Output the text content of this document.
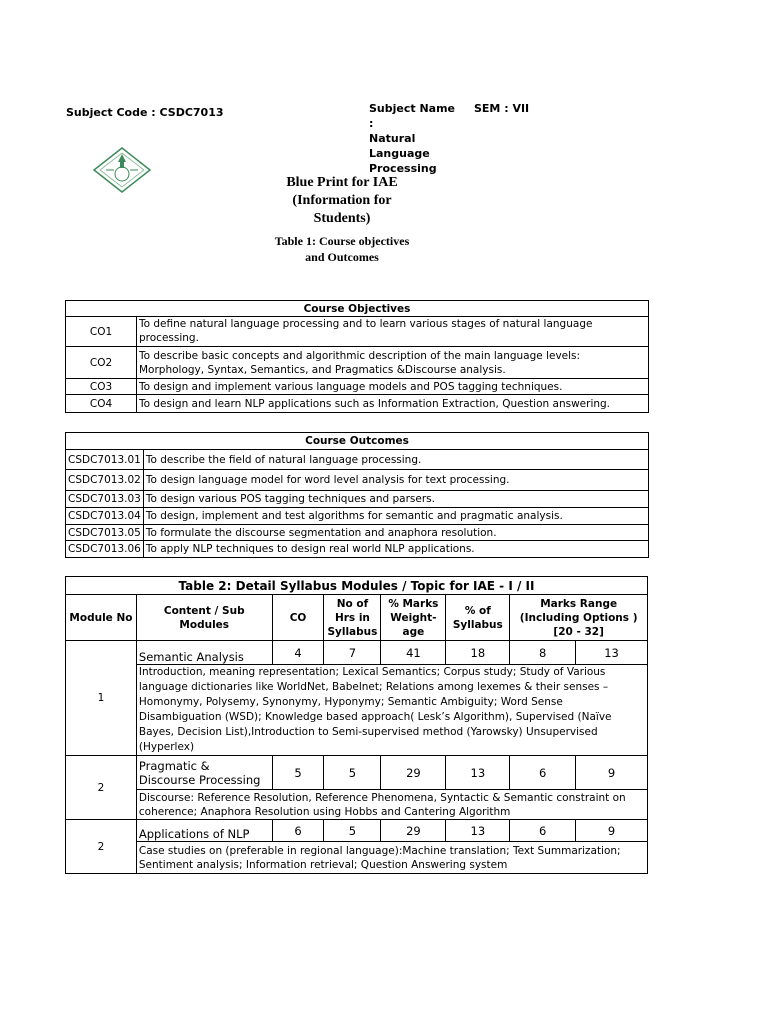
Subject Code : CSDC7013	Subject Name :
Natural
Language
Processing
SEM : VII
Blue Print for IAE
(Information for
Students)
Table 1: Course objectives
and Outcomes
Course Objectives	
CO1	To define natural language processing and to learn various stages of natural language processing.
CO2	To describe basic concepts and algorithmic description of the main language levels: Morphology, Syntax, Semantics, and Pragmatics &Discourse analysis.
CO3	To design and implement various language models and POS tagging techniques.
CO4	To design and learn NLP applications such as Information Extraction, Question answering.
Course Outcomes	
CSDC7013.01	To describe the field of natural language processing.
CSDC7013.02	To design language model for word level analysis for text processing.
CSDC7013.03	To design various POS tagging techniques and parsers.
CSDC7013.04	To design, implement and test algorithms for semantic and pragmatic analysis.
CSDC7013.05	To formulate the discourse segmentation and anaphora resolution.
CSDC7013.06	To apply NLP techniques to design real world NLP applications.
Table 2: Detail Syllabus Modules / Topic for IAE - I / II							
Module No	Content / Sub Modules	CO	No of Hrs in Syllabus	% Marks Weight-age	% of Syllabus	Marks Range (Including Options ) [20 - 32]	
1	Semantic Analysis	4	7	41	18	8	13
	Introduction, meaning representation; Lexical Semantics; Corpus study; Study of Various language dictionaries like WorldNet, Babelnet; Relations among lexemes & their senses –Homonymy, Polysemy, Synonymy, Hyponymy; Semantic Ambiguity; Word Sense Disambiguation (WSD); Knowledge based approach( Lesk’s Algorithm), Supervised (Naïve Bayes, Decision List),Introduction to Semi-supervised method (Yarowsky) Unsupervised (Hyperlex)						
2	Pragmatic & Discourse Processing	5	5	29	13	6	9
	Discourse: Reference Resolution, Reference Phenomena, Syntactic & Semantic constraint on coherence; Anaphora Resolution using Hobbs and Cantering Algorithm						
2	Applications of NLP	6	5	29	13	6	9
	Case studies on (preferable in regional language):Machine translation; Text Summarization; Sentiment analysis; Information retrieval; Question Answering system						
